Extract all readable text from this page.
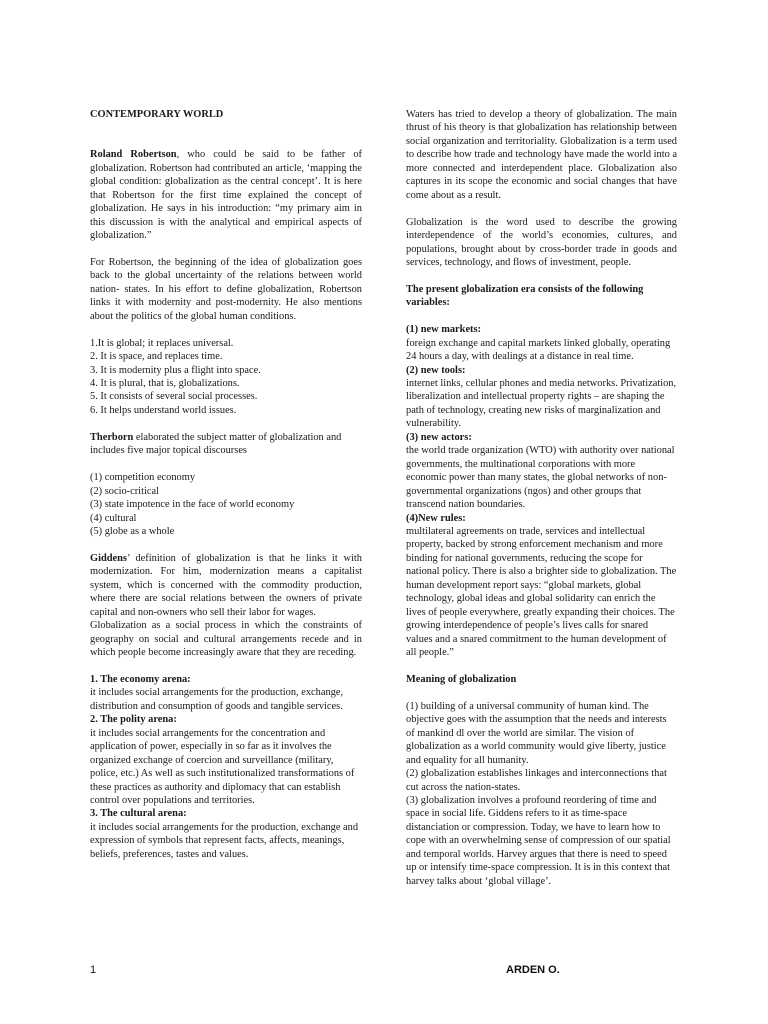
CONTEMPORARY WORLD

Roland Robertson, who could be said to be father of globalization. Robertson had contributed an article, ‘mapping the global condition: globalization as the central concept’. It is here that Robertson for the first time explained the concept of globalization. He says in his introduction: “my primary aim in this discussion is with the analytical and empirical aspects of globalization.”

For Robertson, the beginning of the idea of globalization goes back to the global uncertainty of the relations between world nation- states. In his effort to define globalization, Robertson links it with modernity and post-modernity. He also mentions about the politics of the global human conditions.

1.It is global; it replaces universal.

2. It is space, and replaces time.

3. It is modernity plus a flight into space.

4. It is plural, that is, globalizations.

5. It consists of several social processes.

6. It helps understand world issues.

Therborn elaborated the subject matter of globalization and includes five major topical discourses

(1) competition economy

(2) socio-critical

(3) state impotence in the face of world economy

(4) cultural

(5) globe as a whole

Giddens’ definition of globalization is that he links it with modernization. For him, modernization means a capitalist system, which is concerned with the commodity production, where there are social relations between the owners of private capital and non-owners who sell their labor for wages.

Globalization as a social process in which the constraints of geography on social and cultural arrangements recede and in which people become increasingly aware that they are receding.

1. The economy arena:

it includes social arrangements for the production, exchange, distribution and consumption of goods and tangible services.

2. The polity arena:

it includes social arrangements for the concentration and application of power, especially in so far as it involves the organized exchange of coercion and surveillance (military, police, etc.) As well as such institutionalized transformations of these practices as authority and diplomacy that can establish control over populations and territories.

3. The cultural arena:

it includes social arrangements for the production, exchange and expression of symbols that represent facts, affects, meanings, beliefs, preferences, tastes and values.

Waters has tried to develop a theory of globalization. The main thrust of his theory is that globalization has relationship between social organization and territoriality. Globalization is a term used to describe how trade and technology have made the world into a more connected and interdependent place. Globalization also captures in its scope the economic and social changes that have come about as a result.

Globalization is the word used to describe the growing interdependence of the world’s economies, cultures, and populations, brought about by cross-border trade in goods and services, technology, and flows of investment, people.

The present globalization era consists of the following variables:

(1) new markets:

foreign exchange and capital markets linked globally, operating 24 hours a day, with dealings at a distance in real time.

(2) new tools:

internet links, cellular phones and media networks. Privatization, liberalization and intellectual property rights – are shaping the path of technology, creating new risks of marginalization and vulnerability.

(3) new actors:

the world trade organization (WTO) with authority over national governments, the multinational corporations with more economic power than many states, the global networks of non-governmental organizations (ngos) and other groups that transcend nation boundaries.

(4)New rules:

multilateral agreements on trade, services and intellectual property, backed by strong enforcement mechanism and more binding for national governments, reducing the scope for national policy. There is also a brighter side to globalization. The human development report says: “global markets, global technology, global ideas and global solidarity can enrich the lives of people everywhere, greatly expanding their choices. The growing interdependence of people’s lives calls for snared values and a snared commitment to the human development of all people.”

Meaning of globalization

(1) building of a universal community of human kind. The objective goes with the assumption that the needs and interests of mankind dl over the world are similar. The vision of globalization as a world community would give liberty, justice and equality for all humanity.

(2) globalization establishes linkages and interconnections that cut across the nation-states.

(3) globalization involves a profound reordering of time and space in social life. Giddens refers to it as time-space distanciation or compression. Today, we have to learn how to cope with an overwhelming sense of compression of our spatial and temporal worlds. Harvey argues that there is need to speed up or intensify time-space compression. It is in this context that harvey talks about ‘global village’.

1	ARDEN O.
